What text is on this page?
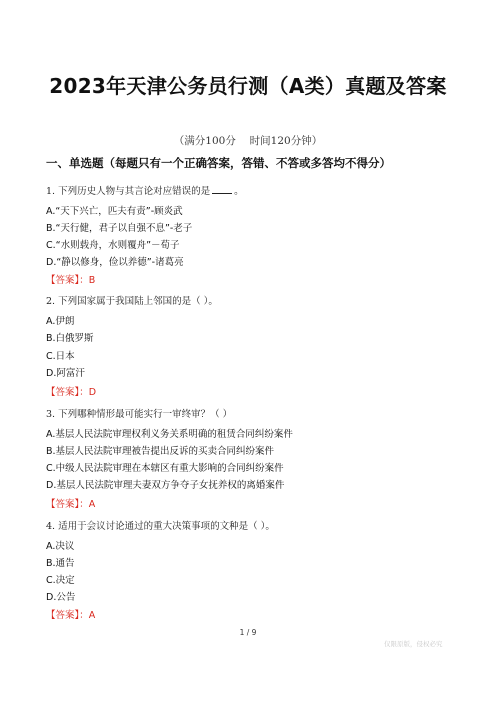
2023年天津公务员行测（A类）真题及答案
（满分100分　 时间120分钟）
一、单选题（每题只有一个正确答案，答错、不答或多答均不得分）
1. 下列历史人物与其言论对应错误的是	。
A.“天下兴亡，匹夫有责”-顾炎武
B.“天行健，君子以自强不息”-老子
C.“水则载舟，水则覆舟”－荀子
D.“静以修身，俭以养德”-诸葛亮
【答案】：B
2. 下列国家属于我国陆上邻国的是（ ）。
A.伊朗
B.白俄罗斯
C.日本
D.阿富汗
【答案】：D
3. 下列哪种情形最可能实行一审终审？（ ）
A.基层人民法院审理权利义务关系明确的租赁合同纠纷案件
B.基层人民法院审理被告提出反诉的买卖合同纠纷案件
C.中级人民法院审理在本辖区有重大影响的合同纠纷案件
D.基层人民法院审理夫妻双方争夺子女抚养权的离婚案件
【答案】：A
4. 适用于会议讨论通过的重大决策事项的文种是（ ）。
A.决议
B.通告
C.决定
D.公告
【答案】：A
1 / 9
仅限原版，侵权必究
